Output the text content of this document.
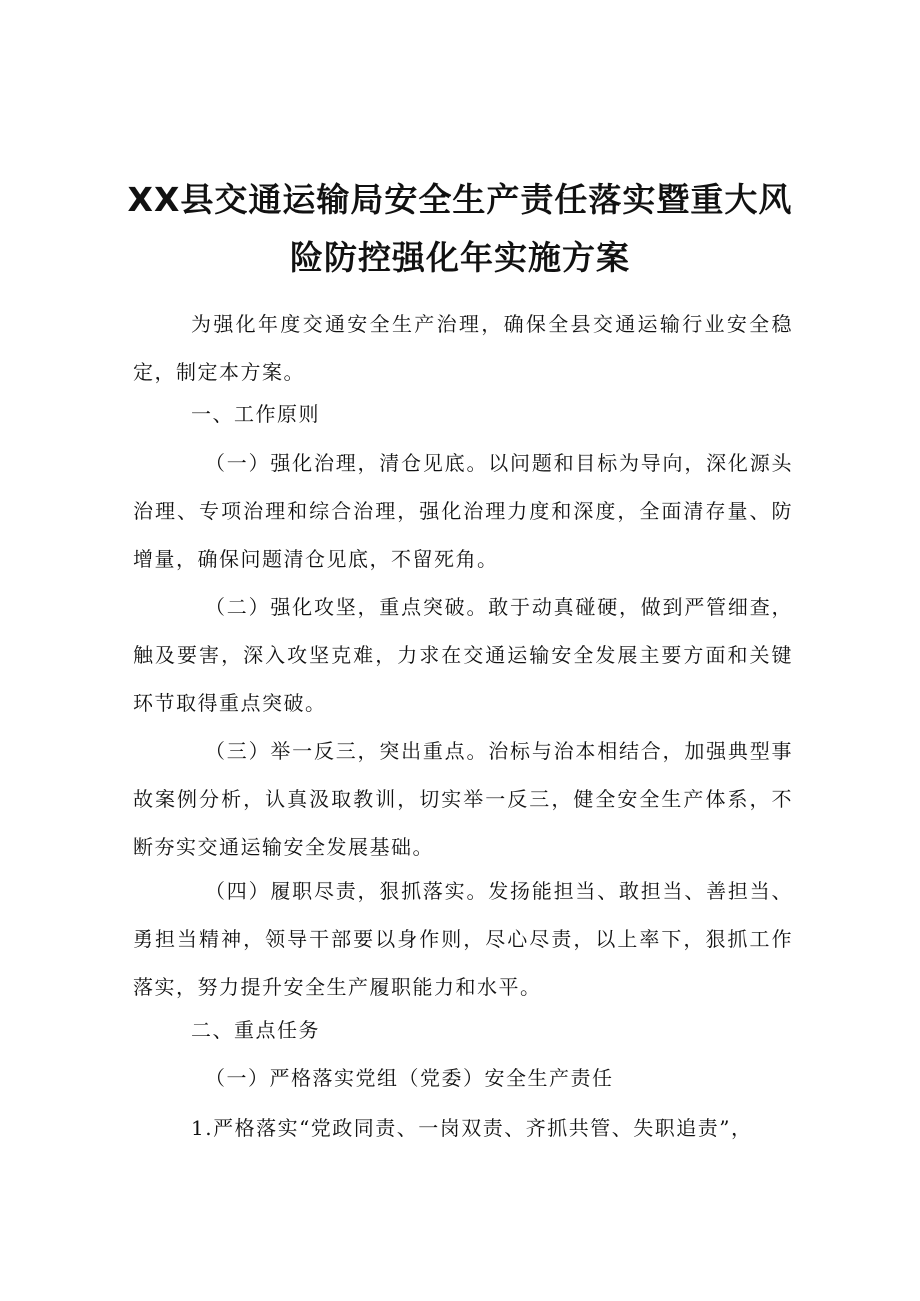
XX县交通运输局安全生产责任落实暨重大风
险防控强化年实施方案

为强化年度交通安全生产治理，确保全县交通运输行业安全稳定，制定本方案。

一、工作原则

（一）强化治理，清仓见底。以问题和目标为导向，深化源头治理、专项治理和综合治理，强化治理力度和深度，全面清存量、防增量，确保问题清仓见底，不留死角。

（二）强化攻坚，重点突破。敢于动真碰硬，做到严管细查，触及要害，深入攻坚克难，力求在交通运输安全发展主要方面和关键环节取得重点突破。

（三）举一反三，突出重点。治标与治本相结合，加强典型事故案例分析，认真汲取教训，切实举一反三，健全安全生产体系，不断夯实交通运输安全发展基础。

（四）履职尽责，狠抓落实。发扬能担当、敢担当、善担当、勇担当精神，领导干部要以身作则，尽心尽责，以上率下，狠抓工作落实，努力提升安全生产履职能力和水平。

二、重点任务

（一）严格落实党组（党委）安全生产责任

1.严格落实“党政同责、一岗双责、齐抓共管、失职追责”，
